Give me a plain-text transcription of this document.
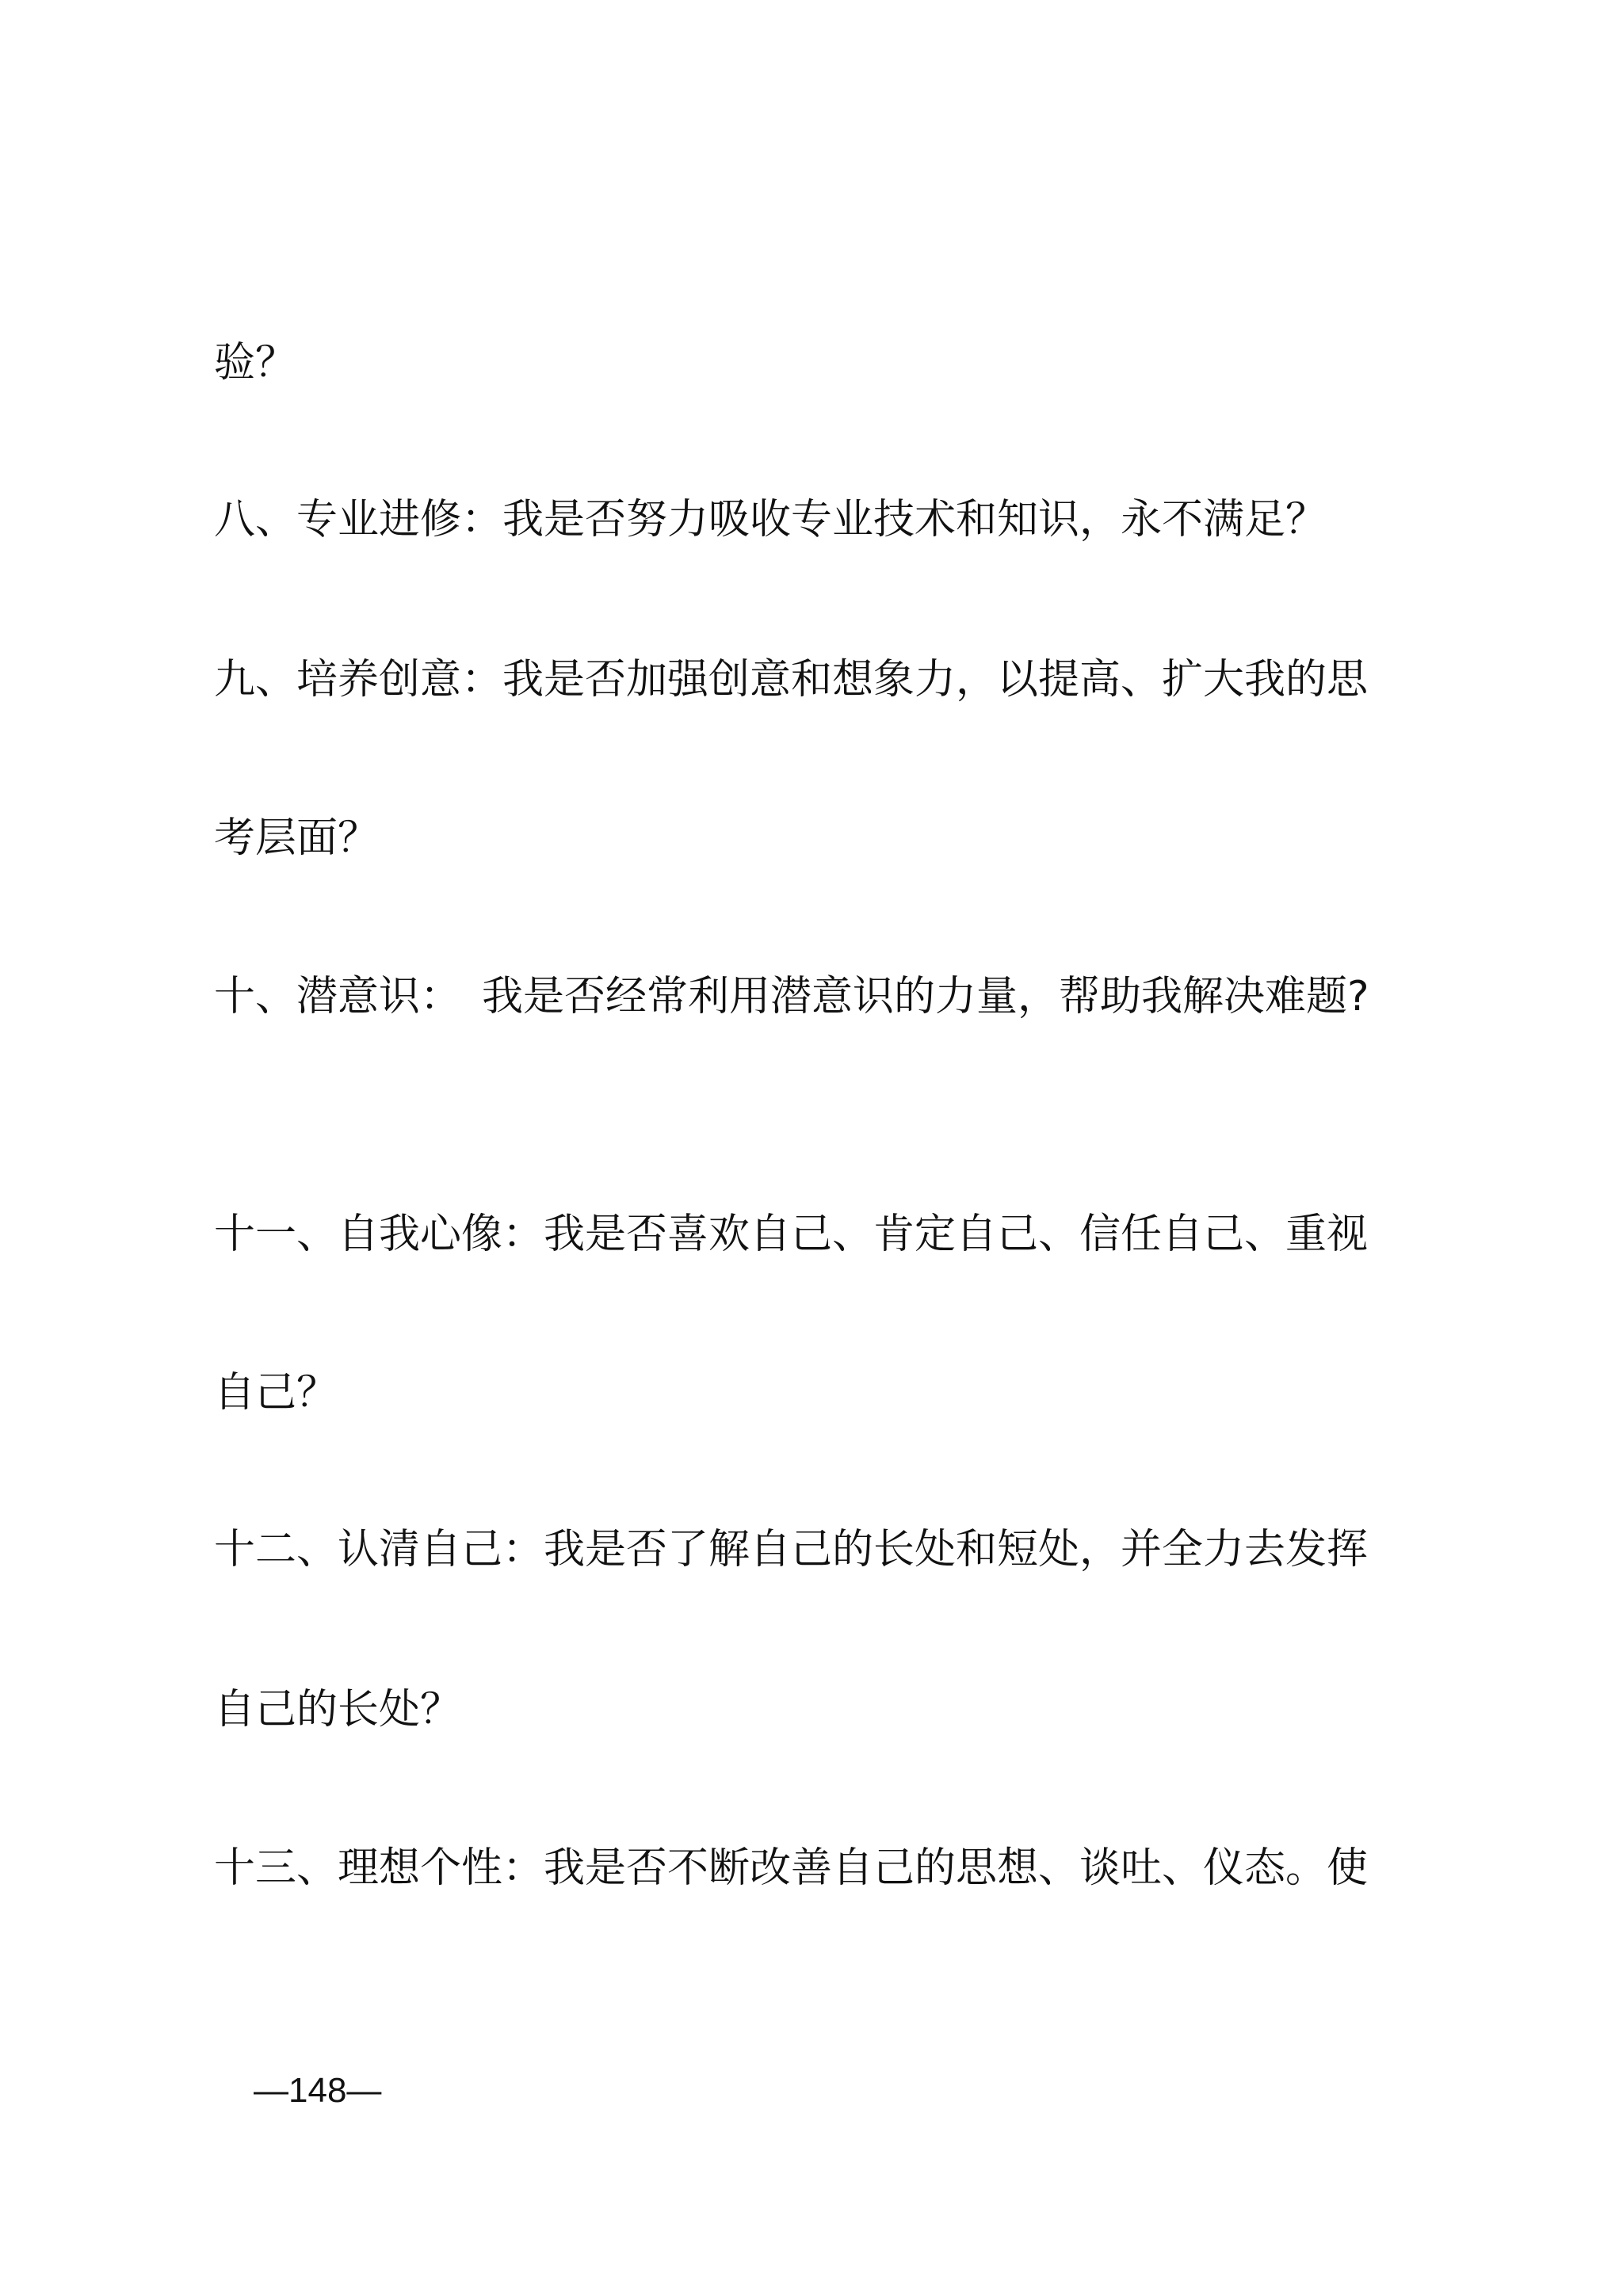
验？
八、专业进修：我是否努力吸收专业技术和知识，永不满足？
九、培养创意：我是否加强创意和想象力，以提高、扩大我的思
考层面？
十、潜意识：　我是否经常利用潜意识的力量，帮助我解决难题?
十一、自我心像：我是否喜欢自己、肯定自己、信任自己、重视
自己？
十二、认清自己：我是否了解自己的长处和短处，并全力去发挥
自己的长处？
十三、理想个性：我是否不断改善自己的思想、谈吐、仪态。使
—148—
